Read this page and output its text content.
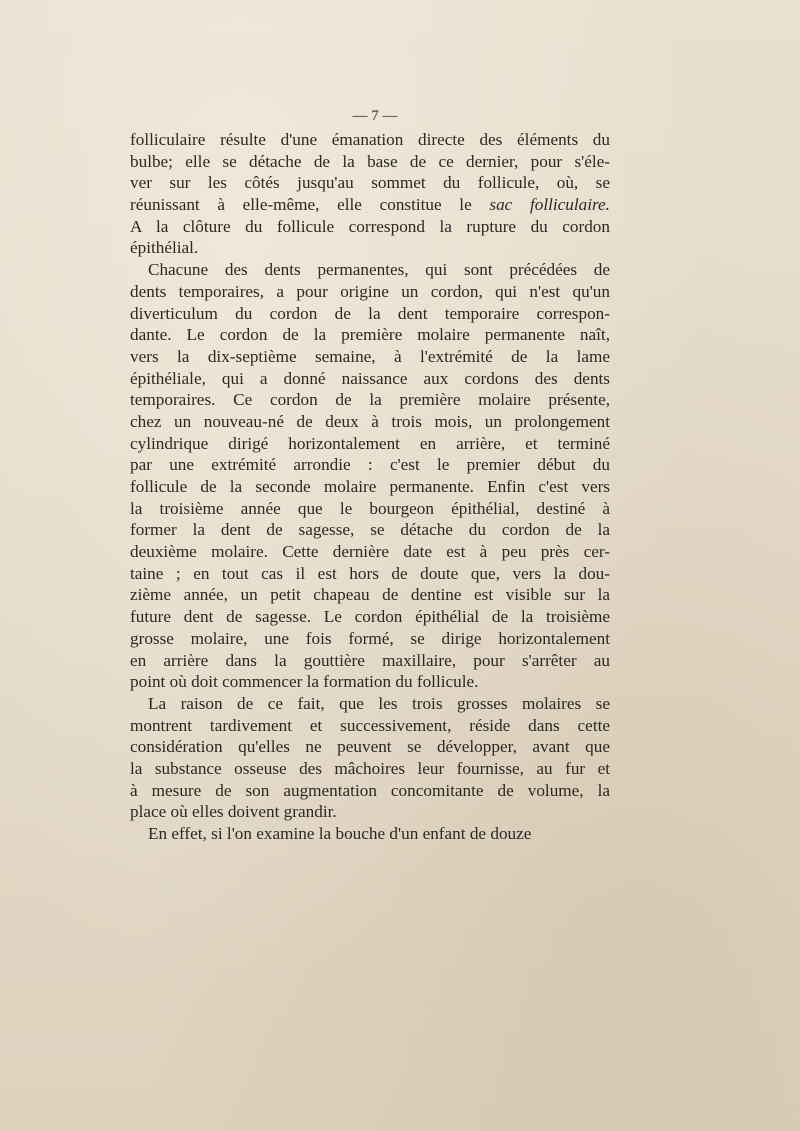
— 7 —
folliculaire résulte d'une émanation directe des éléments du
bulbe; elle se détache de la base de ce dernier, pour s'éle-
ver sur les côtés jusqu'au sommet du follicule, où, se
réunissant à elle-même, elle constitue le sac folliculaire.
A la clôture du follicule correspond la rupture du cordon
épithélial.
Chacune des dents permanentes, qui sont précédées de
dents temporaires, a pour origine un cordon, qui n'est qu'un
diverticulum du cordon de la dent temporaire correspon-
dante. Le cordon de la première molaire permanente naît,
vers la dix-septième semaine, à l'extrémité de la lame
épithéliale, qui a donné naissance aux cordons des dents
temporaires. Ce cordon de la première molaire présente,
chez un nouveau-né de deux à trois mois, un prolongement
cylindrique dirigé horizontalement en arrière, et terminé
par une extrémité arrondie : c'est le premier début du
follicule de la seconde molaire permanente. Enfin c'est vers
la troisième année que le bourgeon épithélial, destiné à
former la dent de sagesse, se détache du cordon de la
deuxième molaire. Cette dernière date est à peu près cer-
taine ; en tout cas il est hors de doute que, vers la dou-
zième année, un petit chapeau de dentine est visible sur la
future dent de sagesse. Le cordon épithélial de la troisième
grosse molaire, une fois formé, se dirige horizontalement
en arrière dans la gouttière maxillaire, pour s'arrêter au
point où doit commencer la formation du follicule.
La raison de ce fait, que les trois grosses molaires se
montrent tardivement et successivement, réside dans cette
considération qu'elles ne peuvent se développer, avant que
la substance osseuse des mâchoires leur fournisse, au fur et
à mesure de son augmentation concomitante de volume, la
place où elles doivent grandir.
En effet, si l'on examine la bouche d'un enfant de douze
